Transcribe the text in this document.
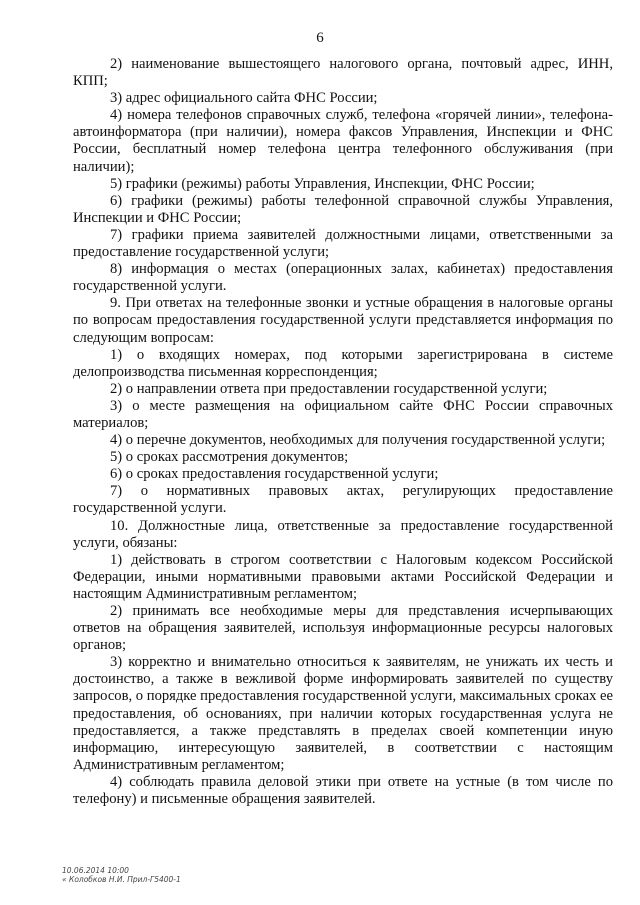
6

2) наименование вышестоящего налогового органа, почтовый адрес, ИНН, КПП;

3) адрес официального сайта ФНС России;

4) номера телефонов справочных служб, телефона «горячей линии», телефона-автоинформатора (при наличии), номера факсов Управления, Инспекции и ФНС России, бесплатный номер телефона центра телефонного обслуживания (при наличии);

5) графики (режимы) работы Управления, Инспекции, ФНС России;

6) графики (режимы) работы телефонной справочной службы Управления, Инспекции и ФНС России;

7) графики приема заявителей должностными лицами, ответственными за предоставление государственной услуги;

8) информация о местах (операционных залах, кабинетах) предоставления государственной услуги.

9. При ответах на телефонные звонки и устные обращения в налоговые органы по вопросам предоставления государственной услуги представляется информация по следующим вопросам:

1) о входящих номерах, под которыми зарегистрирована в системе делопроизводства письменная корреспонденция;

2) о направлении ответа при предоставлении государственной услуги;

3) о месте размещения на официальном сайте ФНС России справочных материалов;

4) о перечне документов, необходимых для получения государственной услуги;

5) о сроках рассмотрения документов;

6) о сроках предоставления государственной услуги;

7) о нормативных правовых актах, регулирующих предоставление государственной услуги.

10. Должностные лица, ответственные за предоставление государственной услуги, обязаны:

1) действовать в строгом соответствии с Налоговым кодексом Российской Федерации, иными нормативными правовыми актами Российской Федерации и настоящим Административным регламентом;

2) принимать все необходимые меры для представления исчерпывающих ответов на обращения заявителей, используя информационные ресурсы налоговых органов;

3) корректно и внимательно относиться к заявителям, не унижать их честь и достоинство, а также в вежливой форме информировать заявителей по существу запросов, о порядке предоставления государственной услуги, максимальных сроках ее предоставления, об основаниях, при наличии которых государственная услуга не предоставляется, а также представлять в пределах своей компетенции иную информацию, интересующую заявителей, в соответствии с настоящим Административным регламентом;

4) соблюдать правила деловой этики при ответе на устные (в том числе по телефону) и письменные обращения заявителей.

10.06.2014 10:00
« Колобков Н.И. Прил-Г5400-1
